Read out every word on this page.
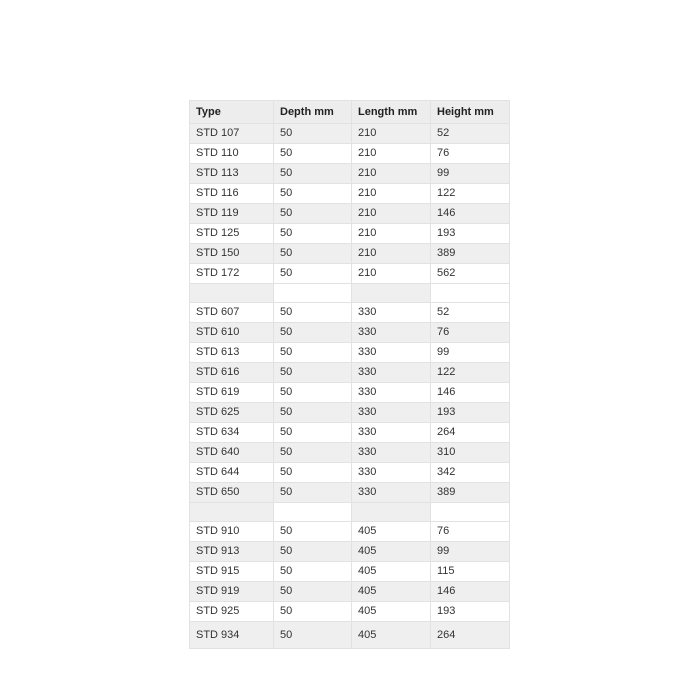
Type	Depth mm	Length mm	Height mm
STD 107	50	210	52
STD 110	50	210	76
STD 113	50	210	99
STD 116	50	210	122
STD 119	50	210	146
STD 125	50	210	193
STD 150	50	210	389
STD 172	50	210	562

STD 607	50	330	52
STD 610	50	330	76
STD 613	50	330	99
STD 616	50	330	122
STD 619	50	330	146
STD 625	50	330	193
STD 634	50	330	264
STD 640	50	330	310
STD 644	50	330	342
STD 650	50	330	389

STD 910	50	405	76
STD 913	50	405	99
STD 915	50	405	115
STD 919	50	405	146
STD 925	50	405	193
STD 934	50	405	264
